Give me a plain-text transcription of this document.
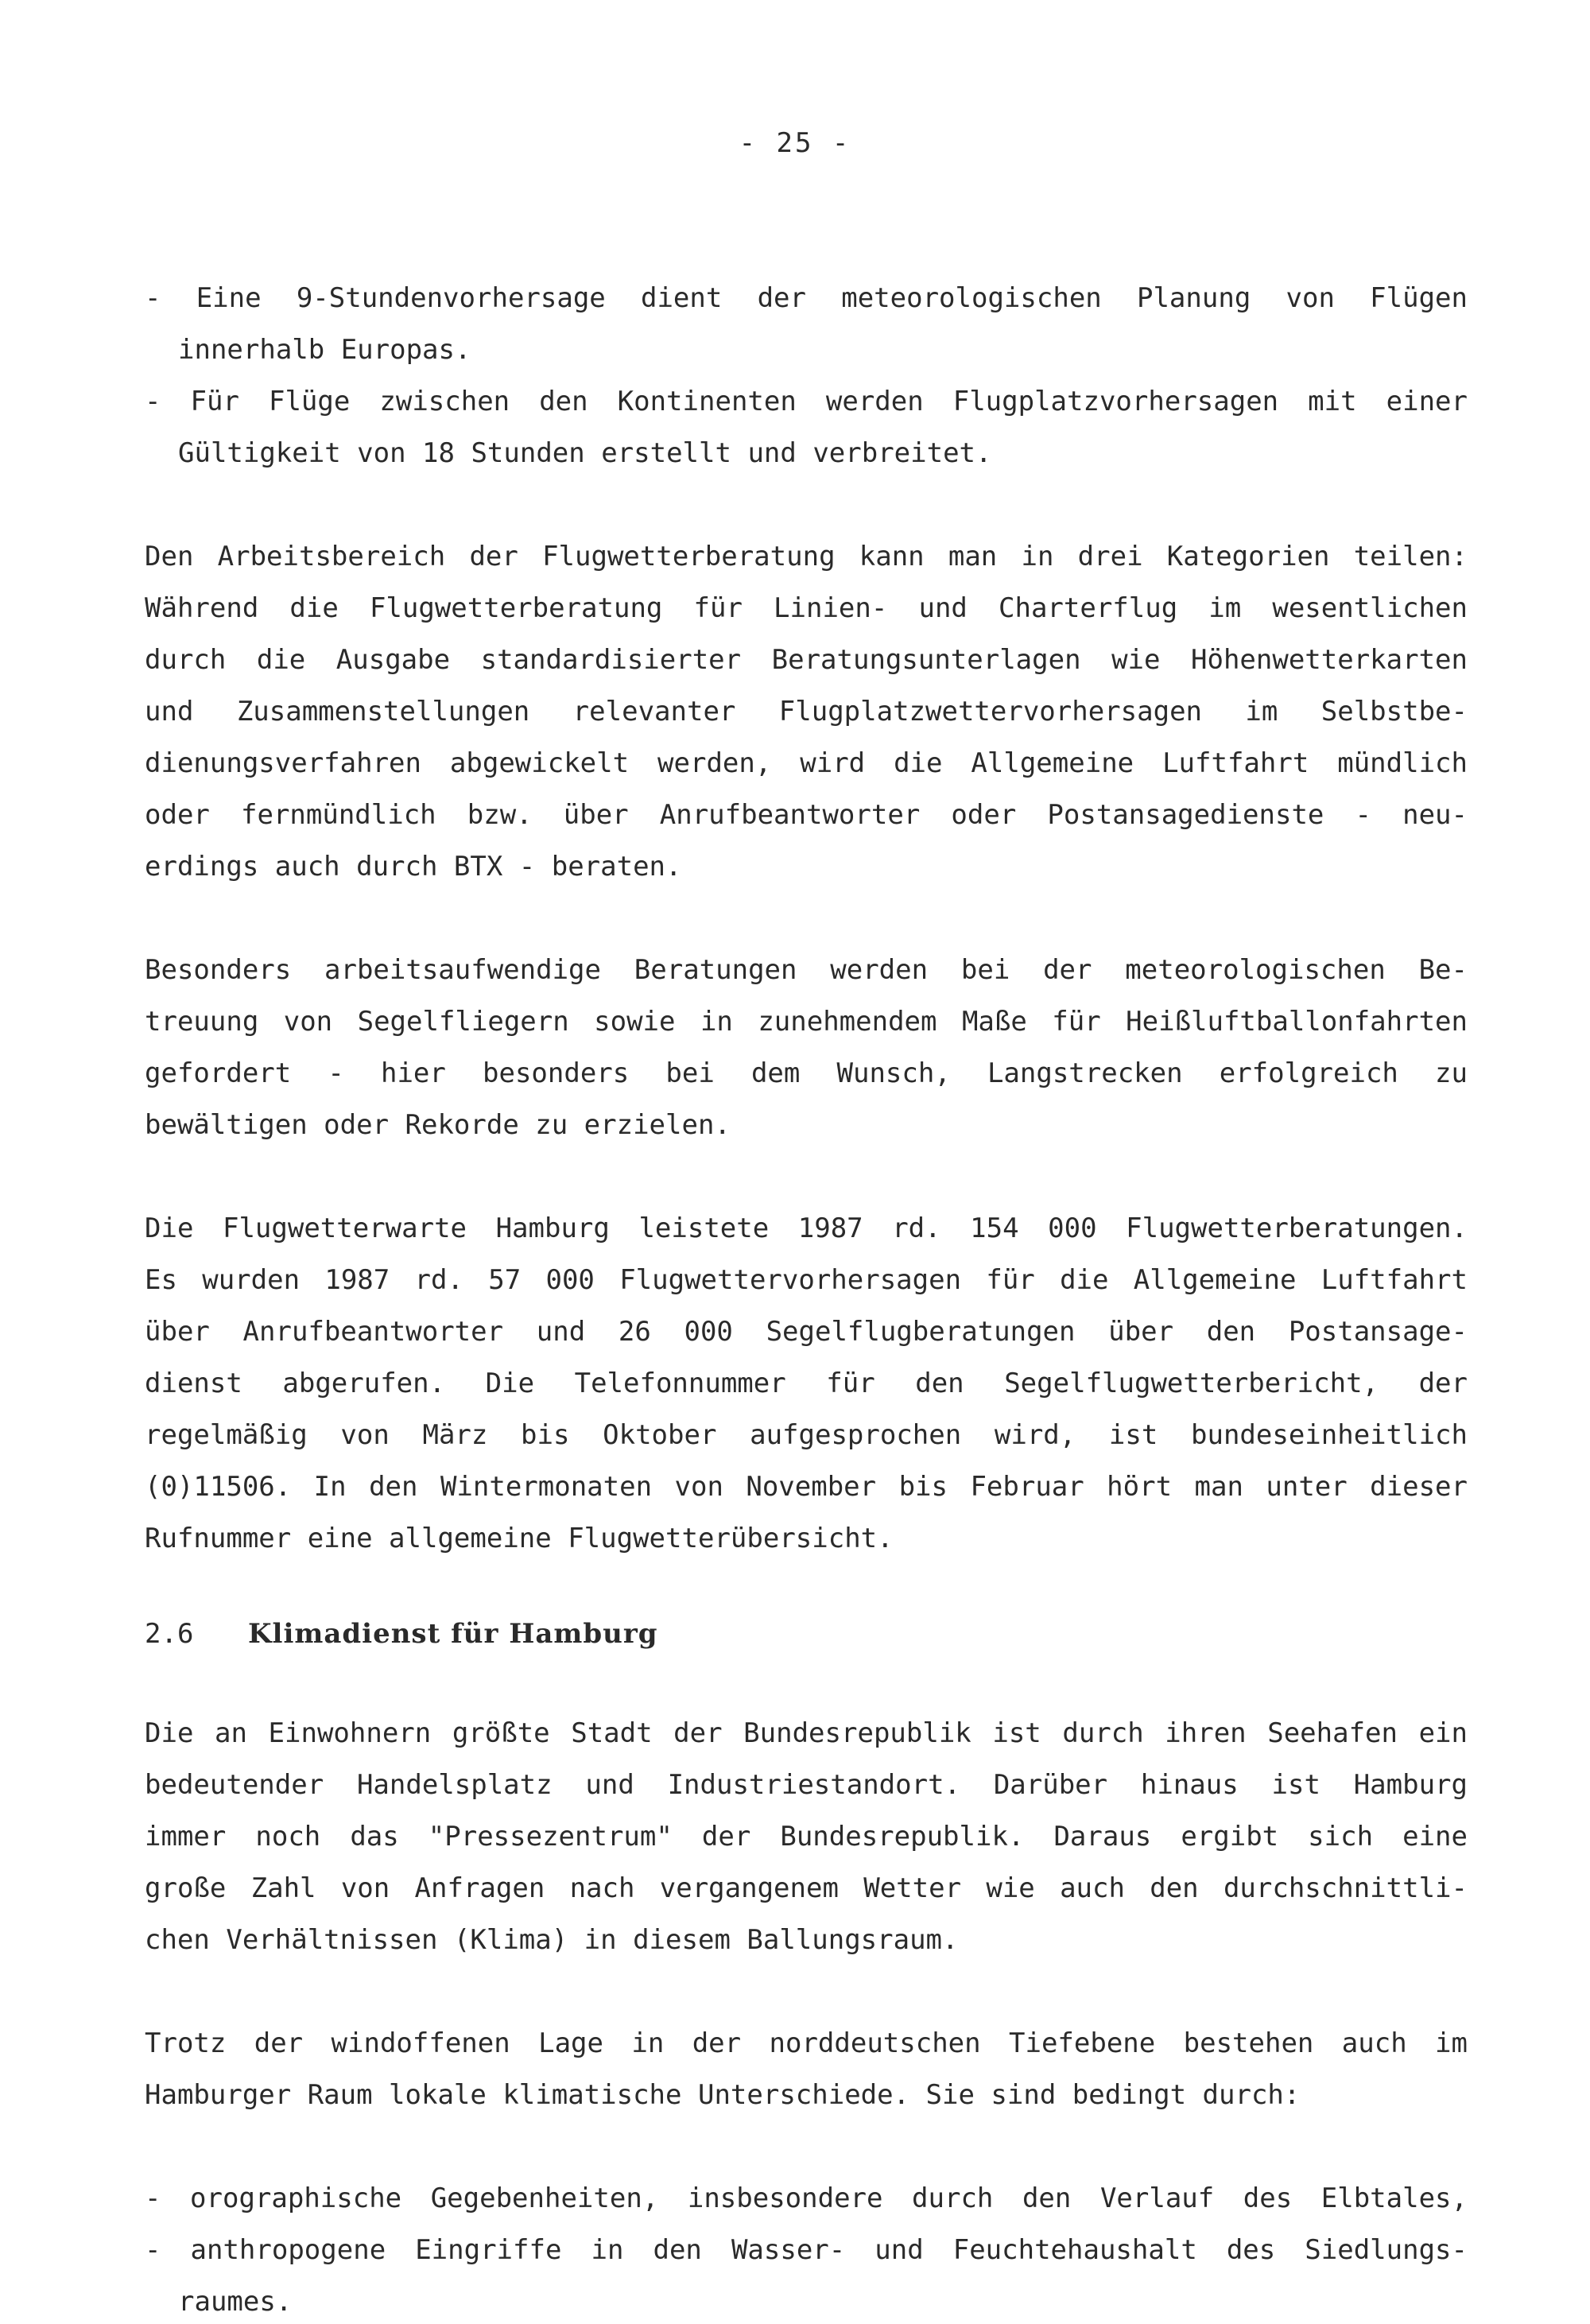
- 25 -
- Eine 9-Stundenvorhersage dient der meteorologischen Planung von Flügen
innerhalb Europas.
- Für Flüge zwischen den Kontinenten werden Flugplatzvorhersagen mit einer
Gültigkeit von 18 Stunden erstellt und verbreitet.
Den Arbeitsbereich der Flugwetterberatung kann man in drei Kategorien teilen:
Während die Flugwetterberatung für Linien- und Charterflug im wesentlichen
durch die Ausgabe standardisierter Beratungsunterlagen wie Höhenwetterkarten
und Zusammenstellungen relevanter Flugplatzwettervorhersagen im Selbstbe-
dienungsverfahren abgewickelt werden, wird die Allgemeine Luftfahrt mündlich
oder fernmündlich bzw. über Anrufbeantworter oder Postansagedienste - neu-
erdings auch durch BTX - beraten.
Besonders arbeitsaufwendige Beratungen werden bei der meteorologischen Be-
treuung von Segelfliegern sowie in zunehmendem Maße für Heißluftballonfahrten
gefordert - hier besonders bei dem Wunsch, Langstrecken erfolgreich zu
bewältigen oder Rekorde zu erzielen.
Die Flugwetterwarte Hamburg leistete 1987 rd. 154 000 Flugwetterberatungen.
Es wurden 1987 rd. 57 000 Flugwettervorhersagen für die Allgemeine Luftfahrt
über Anrufbeantworter und 26 000 Segelflugberatungen über den Postansage-
dienst abgerufen. Die Telefonnummer für den Segelflugwetterbericht, der
regelmäßig von März bis Oktober aufgesprochen wird, ist bundeseinheitlich
(0)11506. In den Wintermonaten von November bis Februar hört man unter dieser
Rufnummer eine allgemeine Flugwetterübersicht.
2.6 Klimadienst für Hamburg
Die an Einwohnern größte Stadt der Bundesrepublik ist durch ihren Seehafen ein
bedeutender Handelsplatz und Industriestandort. Darüber hinaus ist Hamburg
immer noch das "Pressezentrum" der Bundesrepublik. Daraus ergibt sich eine
große Zahl von Anfragen nach vergangenem Wetter wie auch den durchschnittli-
chen Verhältnissen (Klima) in diesem Ballungsraum.
Trotz der windoffenen Lage in der norddeutschen Tiefebene bestehen auch im
Hamburger Raum lokale klimatische Unterschiede. Sie sind bedingt durch:
- orographische Gegebenheiten, insbesondere durch den Verlauf des Elbtales,
- anthropogene Eingriffe in den Wasser- und Feuchtehaushalt des Siedlungs-
raumes.
